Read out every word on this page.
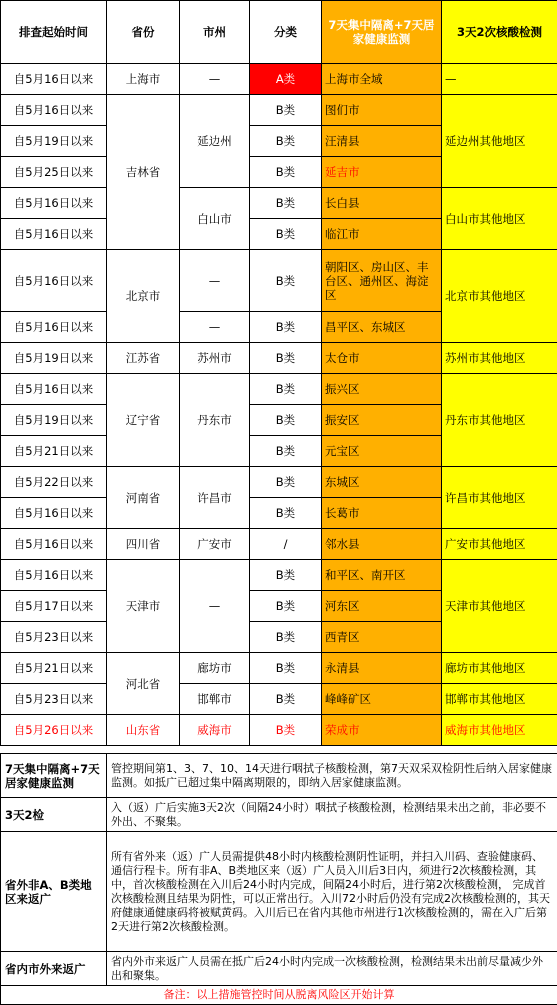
排查起始时间	省份	市州	分类	7天集中隔离+7天居家健康监测	3天2次核酸检测
自5月16日以来	上海市	—	A类	上海市全域	—
自5月16日以来	吉林省	延边州	B类	图们市	延边州其他地区
自5月19日以来			B类	汪清县	
自5月25日以来			B类	延吉市	
自5月16日以来		白山市	B类	长白县	白山市其他地区
自5月16日以来			B类	临江市	
自5月16日以来	北京市	—	B类	朝阳区、房山区、丰台区、通州区、海淀区	北京市其他地区
自5月16日以来		—	B类	昌平区、东城区	
自5月19日以来	江苏省	苏州市	B类	太仓市	苏州市其他地区
自5月16日以来	辽宁省	丹东市	B类	振兴区	丹东市其他地区
自5月19日以来			B类	振安区	
自5月21日以来			B类	元宝区	
自5月22日以来	河南省	许昌市	B类	东城区	许昌市其他地区
自5月16日以来			B类	长葛市	
自5月16日以来	四川省	广安市	/	邻水县	广安市其他地区
自5月16日以来	天津市	—	B类	和平区、南开区	天津市其他地区
自5月17日以来			B类	河东区	
自5月23日以来			B类	西青区	
自5月21日以来	河北省	廊坊市	B类	永清县	廊坊市其他地区
自5月23日以来		邯郸市	B类	峰峰矿区	邯郸市其他地区
自5月26日以来	山东省	威海市	B类	荣成市	威海市其他地区
7天集中隔离+7天居家健康监测	管控期间第1、3、7、10、14天进行咽拭子核酸检测，第7天双采双检阴性后纳入居家健康监测。如抵广已超过集中隔离期限的，即纳入居家健康监测。
3天2检	入（返）广后实施3天2次（间隔24小时）咽拭子核酸检测，检测结果未出之前，非必要不外出、不聚集。
省外非A、B类地区来返广	所有省外来（返）广人员需提供48小时内核酸检测阴性证明，并扫入川码、查验健康码、通信行程卡。所有非A、B类地区来（返）广人员入川后3日内，须进行2次核酸检测，其中，首次核酸检测在入川后24小时内完成，间隔24小时后，进行第2次核酸检测， 完成首次核酸检测且结果为阴性，可以正常出行。入川72小时后仍没有完成2次核酸检测的，其天府健康通健康码将被赋黄码。入川后已在省内其他市州进行1次核酸检测的，需在入广后第2天进行第2次核酸检测。
省内市外来返广	省内外市来返广人员需在抵广后24小时内完成一次核酸检测，检测结果未出前尽量减少外出和聚集。
备注：以上措施管控时间从脱离风险区开始计算	
